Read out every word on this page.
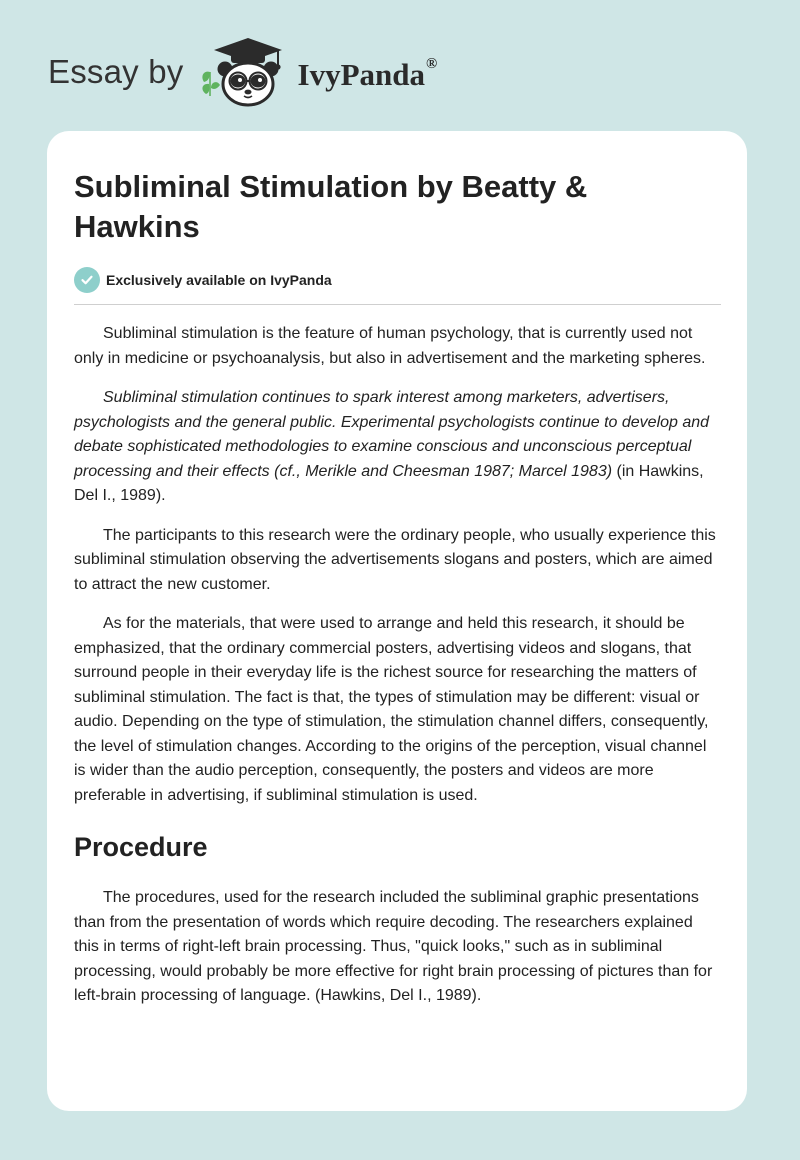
Essay by	IvyPanda®
Subliminal Stimulation by Beatty & Hawkins
Exclusively available on IvyPanda

Subliminal stimulation is the feature of human psychology, that is currently used not only in medicine or psychoanalysis, but also in advertisement and the marketing spheres.

Subliminal stimulation continues to spark interest among marketers, advertisers, psychologists and the general public. Experimental psychologists continue to develop and debate sophisticated methodologies to examine conscious and unconscious perceptual processing and their effects (cf., Merikle and Cheesman 1987; Marcel 1983) (in Hawkins, Del I., 1989).

The participants to this research were the ordinary people, who usually experience this subliminal stimulation observing the advertisements slogans and posters, which are aimed to attract the new customer.

As for the materials, that were used to arrange and held this research, it should be emphasized, that the ordinary commercial posters, advertising videos and slogans, that surround people in their everyday life is the richest source for researching the matters of subliminal stimulation. The fact is that, the types of stimulation may be different: visual or audio. Depending on the type of stimulation, the stimulation channel differs, consequently, the level of stimulation changes. According to the origins of the perception, visual channel is wider than the audio perception, consequently, the posters and videos are more preferable in advertising, if subliminal stimulation is used.

Procedure

The procedures, used for the research included the subliminal graphic presentations than from the presentation of words which require decoding. The researchers explained this in terms of right-left brain processing. Thus, "quick looks," such as in subliminal processing, would probably be more effective for right brain processing of pictures than for left-brain processing of language. (Hawkins, Del I., 1989).
